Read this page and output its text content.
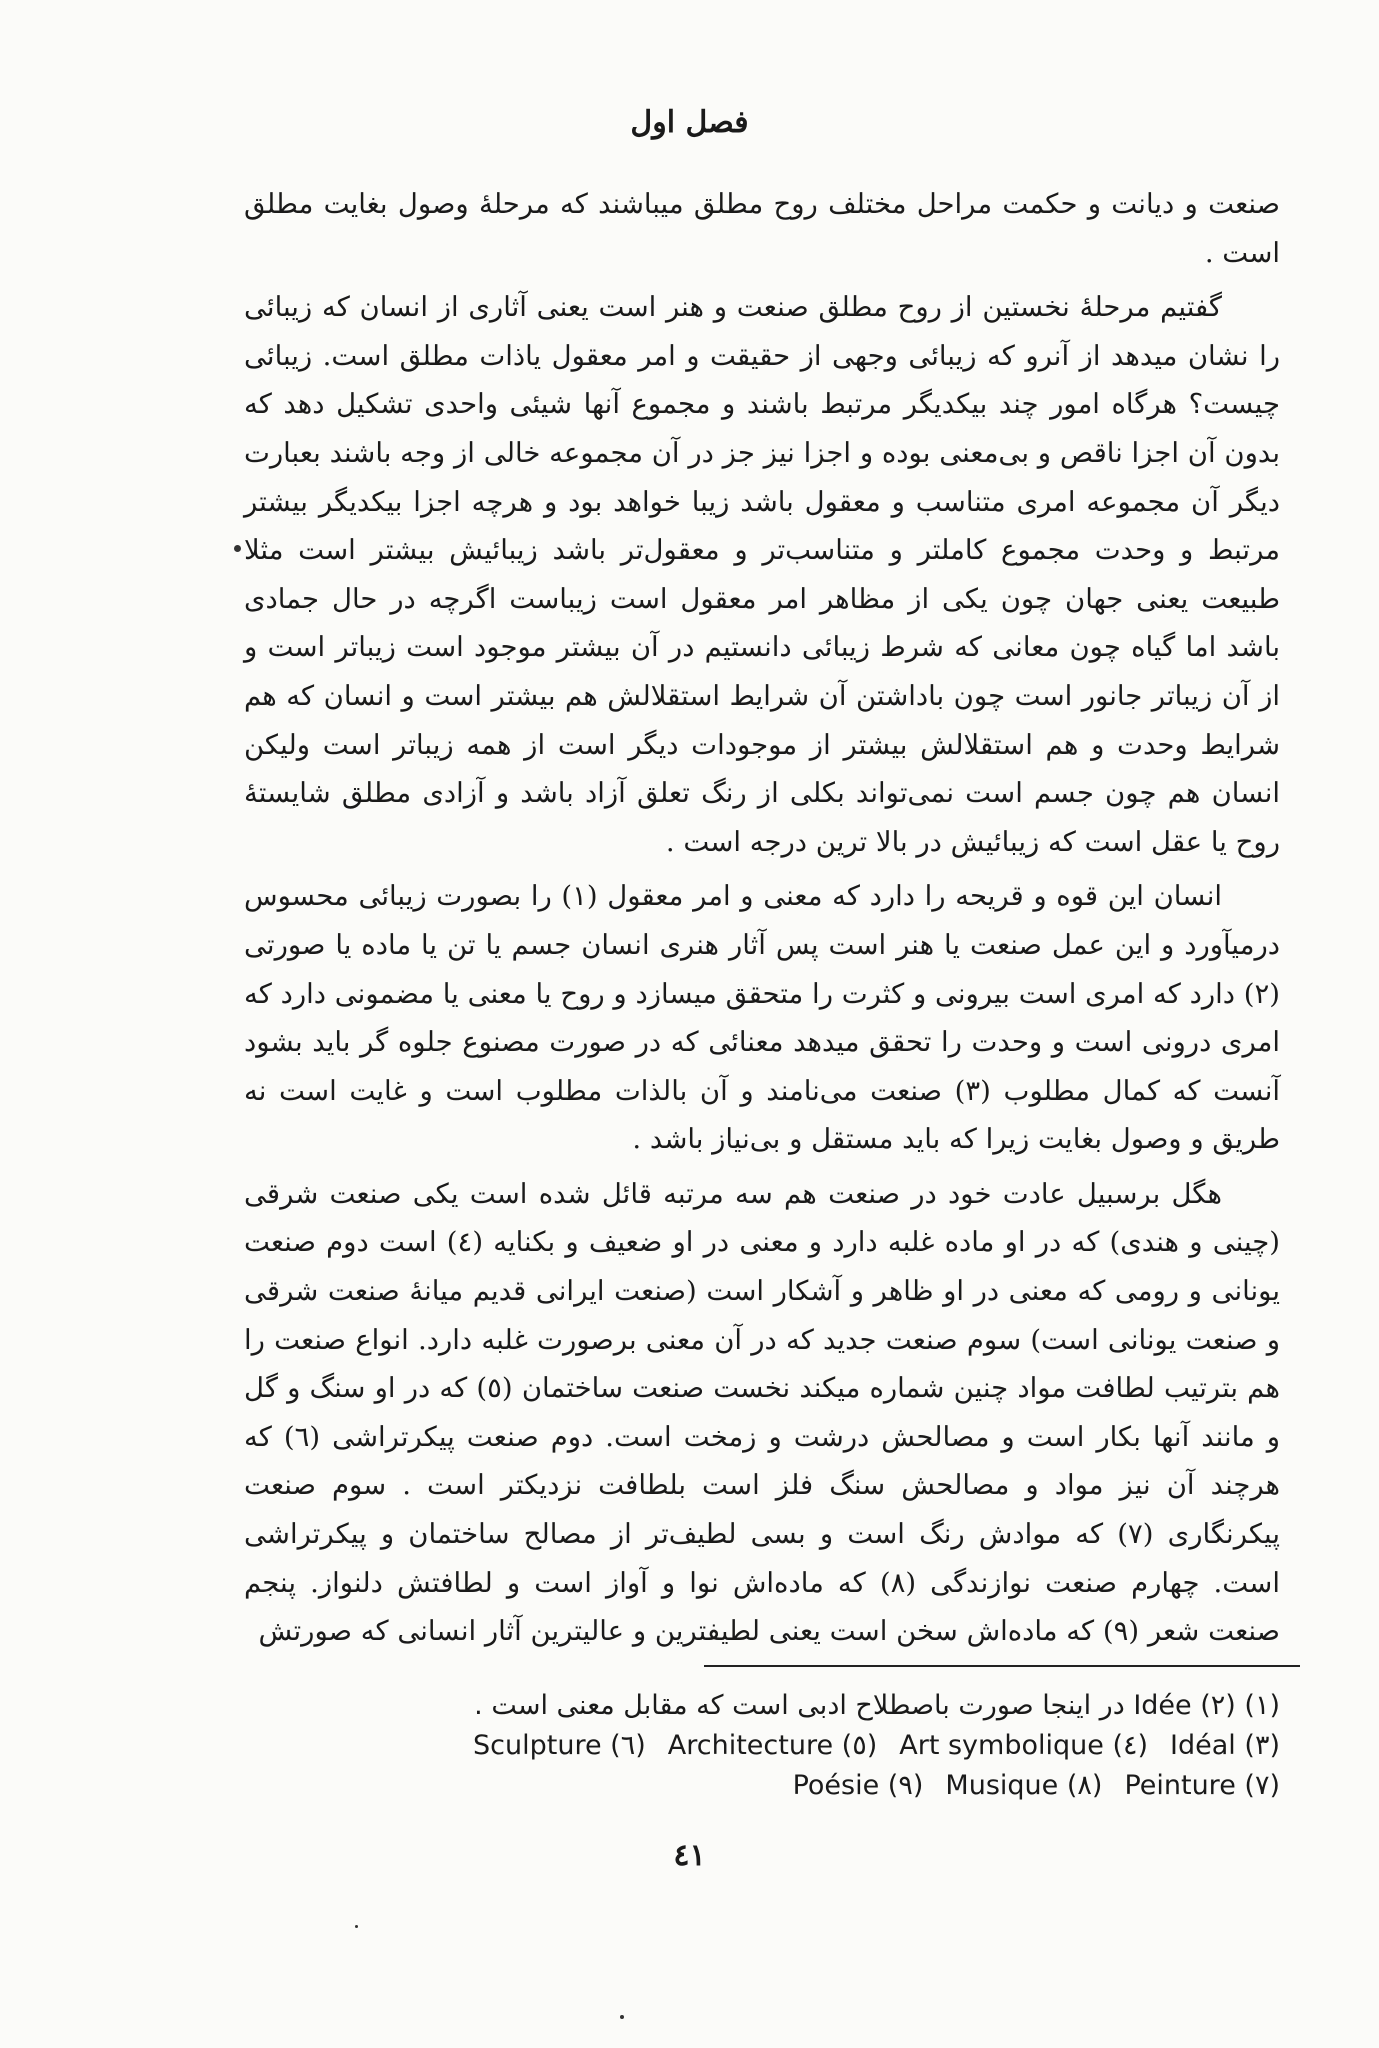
فصل اول

صنعت و دیانت و حکمت مراحل مختلف روح مطلق میباشند که مرحلهٔ وصول بغایت مطلق است .

گفتیم مرحلهٔ نخستین از روح مطلق صنعت و هنر است یعنی آثاری از انسان که زیبائی را نشان میدهد از آنرو که زیبائی وجهی از حقیقت و امر معقول یاذات مطلق است. زیبائی چیست؟ هرگاه امور چند بیکدیگر مرتبط باشند و مجموع آنها شیئی واحدی تشکیل دهد که بدون آن اجزا ناقص و بی‌معنی بوده و اجزا نیز جز در آن مجموعه خالی از وجه باشند بعبارت دیگر آن مجموعه امری متناسب و معقول باشد زیبا خواهد بود و هرچه اجزا بیکدیگر بیشتر مرتبط و وحدت مجموع کاملتر و متناسب‌تر و معقول‌تر باشد زیبائیش بیشتر است مثلا طبیعت یعنی جهان چون یکی از مظاهر امر معقول است زیباست اگرچه در حال جمادی باشد اما گیاه چون معانی که شرط زیبائی دانستیم در آن بیشتر موجود است زیباتر است و از آن زیباتر جانور است چون باداشتن آن شرایط استقلالش هم بیشتر است و انسان که هم شرایط وحدت و هم استقلالش بیشتر از موجودات دیگر است از همه زیباتر است ولیکن انسان هم چون جسم است نمی‌تواند بکلی از رنگ تعلق آزاد باشد و آزادی مطلق شایستهٔ روح یا عقل است که زیبائیش در بالا ترین درجه است .

انسان این قوه و قریحه را دارد که معنی و امر معقول (۱) را بصورت زیبائی محسوس درمیآورد و این عمل صنعت یا هنر است پس آثار هنری انسان جسم یا تن یا ماده یا صورتی (۲) دارد که امری است بیرونی و کثرت را متحقق میسازد و روح یا معنی یا مضمونی دارد که امری درونی است و وحدت را تحقق میدهد معنائی که در صورت مصنوع جلوه گر باید بشود آنست که کمال مطلوب (۳) صنعت می‌نامند و آن بالذات مطلوب است و غایت است نه طریق و وصول بغایت زیرا که باید مستقل و بی‌نیاز باشد .

هگل برسبیل عادت خود در صنعت هم سه مرتبه قائل شده است یکی صنعت شرقی (چینی و هندی) که در او ماده غلبه دارد و معنی در او ضعیف و بکنایه (٤) است دوم صنعت یونانی و رومی که معنی در او ظاهر و آشکار است (صنعت ایرانی قدیم میانهٔ صنعت شرقی و صنعت یونانی است) سوم صنعت جدید که در آن معنی برصورت غلبه دارد. انواع صنعت را هم بترتیب لطافت مواد چنین شماره میکند نخست صنعت ساختمان (٥) که در او سنگ و گل و مانند آنها بکار است و مصالحش درشت و زمخت است. دوم صنعت پیکرتراشی (٦) که هرچند آن نیز مواد و مصالحش سنگ فلز است بلطافت نزدیکتر است . سوم صنعت پیکرنگاری (۷) که موادش رنگ است و بسی لطیف‌تر از مصالح ساختمان و پیکرتراشی است. چهارم صنعت نوازندگی (۸) که ماده‌اش نوا و آواز است و لطافتش دلنواز. پنجم صنعت شعر (۹) که ماده‌اش سخن است یعنی لطیفترین و عالیترین آثار انسانی که صورتش

(۱) Idée (۲) در اینجا صورت باصطلاح ادبی است که مقابل معنی است .
(۳) Idéal(٤) Art symbolique(٥) Architecture(٦) Sculpture
(۷) Peinture(۸) Musique(۹) Poésie
٤١
